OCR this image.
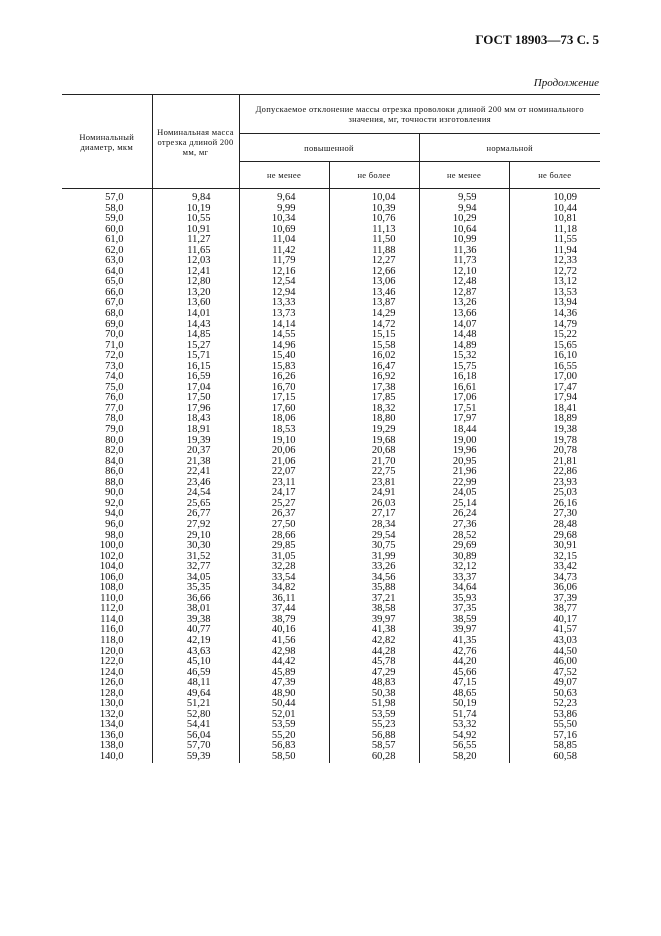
ГОСТ 18903—73 С. 5
Продолжение
Номинальный диаметр, мкм	Номинальная масса отрезка длиной 200 мм, мг	Допускаемое отклонение массы отрезка проволоки длиной 200 мм от номинального значения, мг, точности изготовления			
		повышенной		нормальной	
		не менее	не более	не менее	не более
57,0	9,84	9,64	10,04	9,59	10,09
58,0	10,19	9,99	10,39	9,94	10,44
59,0	10,55	10,34	10,76	10,29	10,81
60,0	10,91	10,69	11,13	10,64	11,18
61,0	11,27	11,04	11,50	10,99	11,55
62,0	11,65	11,42	11,88	11,36	11,94
63,0	12,03	11,79	12,27	11,73	12,33
64,0	12,41	12,16	12,66	12,10	12,72
65,0	12,80	12,54	13,06	12,48	13,12
66,0	13,20	12,94	13,46	12,87	13,53
67,0	13,60	13,33	13,87	13,26	13,94
68,0	14,01	13,73	14,29	13,66	14,36
69,0	14,43	14,14	14,72	14,07	14,79
70,0	14,85	14,55	15,15	14,48	15,22
71,0	15,27	14,96	15,58	14,89	15,65
72,0	15,71	15,40	16,02	15,32	16,10
73,0	16,15	15,83	16,47	15,75	16,55
74,0	16,59	16,26	16,92	16,18	17,00
75,0	17,04	16,70	17,38	16,61	17,47
76,0	17,50	17,15	17,85	17,06	17,94
77,0	17,96	17,60	18,32	17,51	18,41
78,0	18,43	18,06	18,80	17,97	18,89
79,0	18,91	18,53	19,29	18,44	19,38
80,0	19,39	19,10	19,68	19,00	19,78
82,0	20,37	20,06	20,68	19,96	20,78
84,0	21,38	21,06	21,70	20,95	21,81
86,0	22,41	22,07	22,75	21,96	22,86
88,0	23,46	23,11	23,81	22,99	23,93
90,0	24,54	24,17	24,91	24,05	25,03
92,0	25,65	25,27	26,03	25,14	26,16
94,0	26,77	26,37	27,17	26,24	27,30
96,0	27,92	27,50	28,34	27,36	28,48
98,0	29,10	28,66	29,54	28,52	29,68
100,0	30,30	29,85	30,75	29,69	30,91
102,0	31,52	31,05	31,99	30,89	32,15
104,0	32,77	32,28	33,26	32,12	33,42
106,0	34,05	33,54	34,56	33,37	34,73
108,0	35,35	34,82	35,88	34,64	36,06
110,0	36,66	36,11	37,21	35,93	37,39
112,0	38,01	37,44	38,58	37,35	38,77
114,0	39,38	38,79	39,97	38,59	40,17
116,0	40,77	40,16	41,38	39,97	41,57
118,0	42,19	41,56	42,82	41,35	43,03
120,0	43,63	42,98	44,28	42,76	44,50
122,0	45,10	44,42	45,78	44,20	46,00
124,0	46,59	45,89	47,29	45,66	47,52
126,0	48,11	47,39	48,83	47,15	49,07
128,0	49,64	48,90	50,38	48,65	50,63
130,0	51,21	50,44	51,98	50,19	52,23
132,0	52,80	52,01	53,59	51,74	53,86
134,0	54,41	53,59	55,23	53,32	55,50
136,0	56,04	55,20	56,88	54,92	57,16
138,0	57,70	56,83	58,57	56,55	58,85
140,0	59,39	58,50	60,28	58,20	60,58
